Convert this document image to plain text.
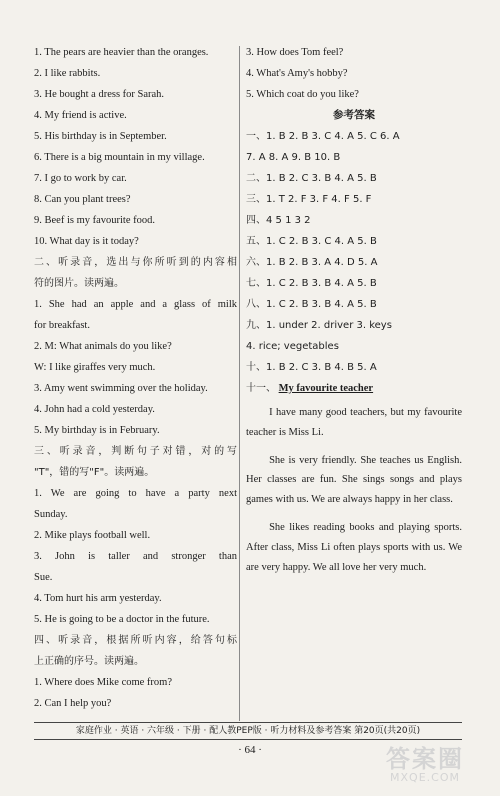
1. The pears are heavier than the oranges.
2. I like rabbits.
3. He bought a dress for Sarah.
4. My friend is active.
5. His birthday is in September.
6. There is a big mountain in my village.
7. I go to work by car.
8. Can you plant trees?
9. Beef is my favourite food.
10. What day is it today?
二、听录音，选出与你所听到的内容相
符的图片。读两遍。
1. She had an apple and a glass of milk
for breakfast.
2. M: What animals do you like?
W: I like giraffes very much.
3. Amy went swimming over the holiday.
4. John had a cold yesterday.
5. My birthday is in February.
三、听录音，判断句子对错，对的写
"T"，错的写"F"。读两遍。
1. We are going to have a party next
Sunday.
2. Mike plays football well.
3. John is taller and stronger than
Sue.
4. Tom hurt his arm yesterday.
5. He is going to be a doctor in the future.
四、听录音，根据所听内容，给答句标
上正确的序号。读两遍。
1. Where does Mike come from?
2. Can I help you?
3. How does Tom feel?
4. What's Amy's hobby?
5. Which coat do you like?
参考答案
一、1. B 2. B 3. C 4. A 5. C 6. A
7. A 8. A 9. B 10. B
二、1. B 2. C 3. B 4. A 5. B
三、1. T 2. F 3. F 4. F 5. F
四、4 5 1 3 2
五、1. C 2. B 3. C 4. A 5. B
六、1. B 2. B 3. A 4. D 5. A
七、1. C 2. B 3. B 4. A 5. B
八、1. C 2. B 3. B 4. A 5. B
九、1. under 2. driver 3. keys
4. rice; vegetables
十、1. B 2. C 3. B 4. B 5. A
十一、 My favourite teacher

I have many good teachers, but my favourite teacher is Miss Li.

She is very friendly. She teaches us English. Her classes are fun. She sings songs and plays games with us. We are always happy in her class.

She likes reading books and playing sports. After class, Miss Li often plays sports with us. We are very happy. We all love her very much.

家庭作业 · 英语 · 六年级 · 下册 · 配人教PEP版 · 听力材料及参考答案 第20页(共20页)
· 64 ·	答案圈
MXQE.COM
